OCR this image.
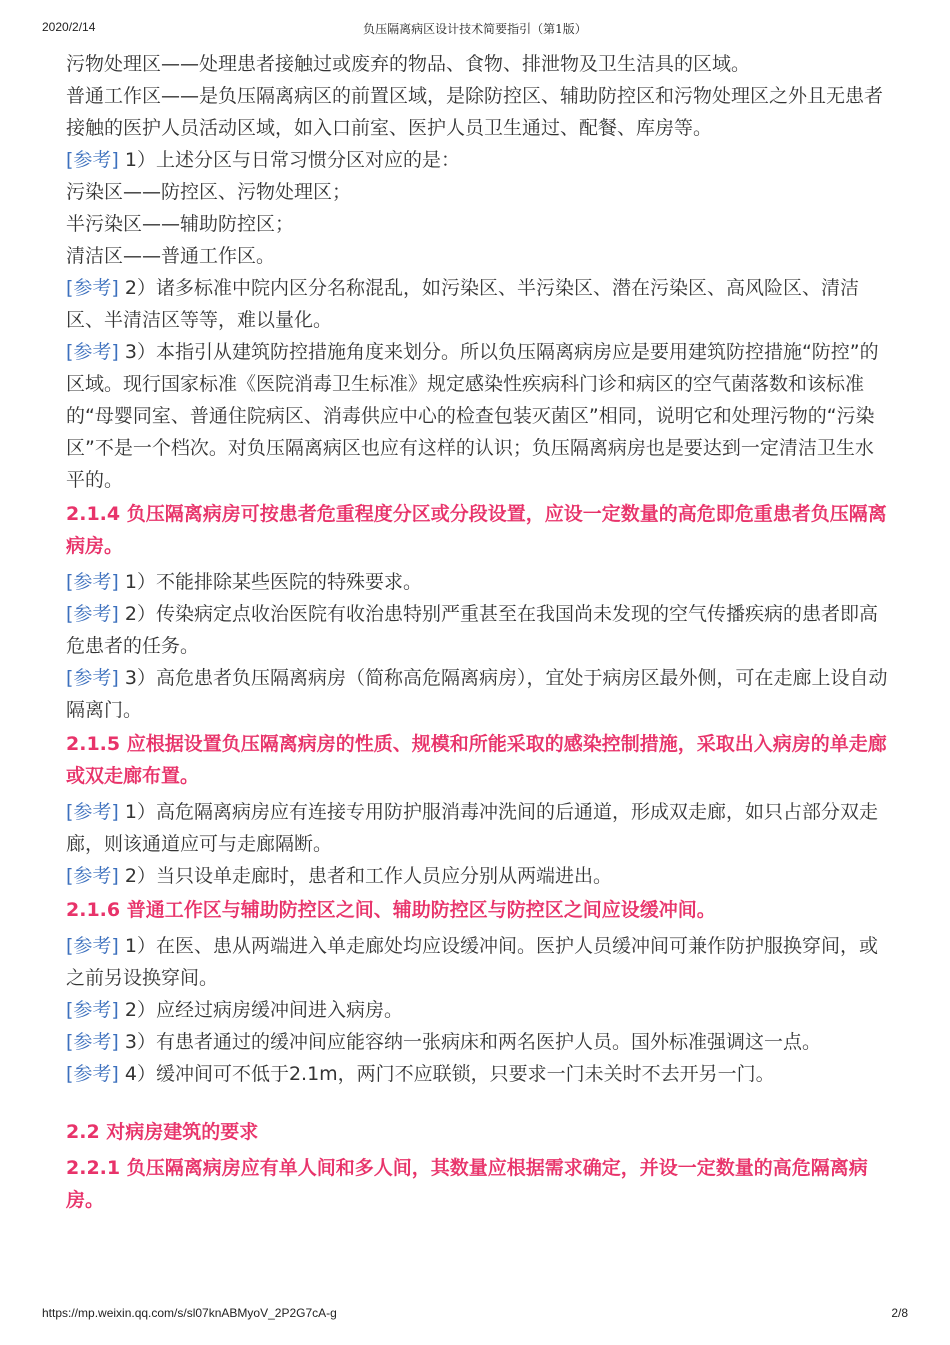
2020/2/14	负压隔离病区设计技术简要指引（第1版）

污物处理区——处理患者接触过或废弃的物品、食物、排泄物及卫生洁具的区域。

普通工作区——是负压隔离病区的前置区域，是除防控区、辅助防控区和污物处理区之外且无患者接触的医护人员活动区域，如入口前室、医护人员卫生通过、配餐、库房等。

[参考] 1）上述分区与日常习惯分区对应的是：

污染区——防控区、污物处理区；

半污染区——辅助防控区；

清洁区——普通工作区。

[参考] 2）诸多标准中院内区分名称混乱，如污染区、半污染区、潜在污染区、高风险区、清洁区、半清洁区等等，难以量化。

[参考] 3）本指引从建筑防控措施角度来划分。所以负压隔离病房应是要用建筑防控措施“防控”的区域。现行国家标准《医院消毒卫生标准》规定感染性疾病科门诊和病区的空气菌落数和该标准的“母婴同室、普通住院病区、消毒供应中心的检查包装灭菌区”相同，说明它和处理污物的“污染区”不是一个档次。对负压隔离病区也应有这样的认识；负压隔离病房也是要达到一定清洁卫生水平的。

2.1.4 负压隔离病房可按患者危重程度分区或分段设置，应设一定数量的高危即危重患者负压隔离病房。

[参考] 1）不能排除某些医院的特殊要求。

[参考] 2）传染病定点收治医院有收治患特别严重甚至在我国尚未发现的空气传播疾病的患者即高危患者的任务。

[参考] 3）高危患者负压隔离病房（简称高危隔离病房），宜处于病房区最外侧，可在走廊上设自动隔离门。

2.1.5 应根据设置负压隔离病房的性质、规模和所能采取的感染控制措施，采取出入病房的单走廊或双走廊布置。

[参考] 1）高危隔离病房应有连接专用防护服消毒冲洗间的后通道，形成双走廊，如只占部分双走廊，则该通道应可与走廊隔断。

[参考] 2）当只设单走廊时，患者和工作人员应分别从两端进出。

2.1.6 普通工作区与辅助防控区之间、辅助防控区与防控区之间应设缓冲间。

[参考] 1）在医、患从两端进入单走廊处均应设缓冲间。医护人员缓冲间可兼作防护服换穿间，或之前另设换穿间。

[参考] 2）应经过病房缓冲间进入病房。

[参考] 3）有患者通过的缓冲间应能容纳一张病床和两名医护人员。国外标准强调这一点。

[参考] 4）缓冲间可不低于2.1m，两门不应联锁，只要求一门未关时不去开另一门。

2.2 对病房建筑的要求
2.2.1 负压隔离病房应有单人间和多人间，其数量应根据需求确定，并设一定数量的高危隔离病房。
https://mp.weixin.qq.com/s/sl07knABMyoV_2P2G7cA-g	2/8
